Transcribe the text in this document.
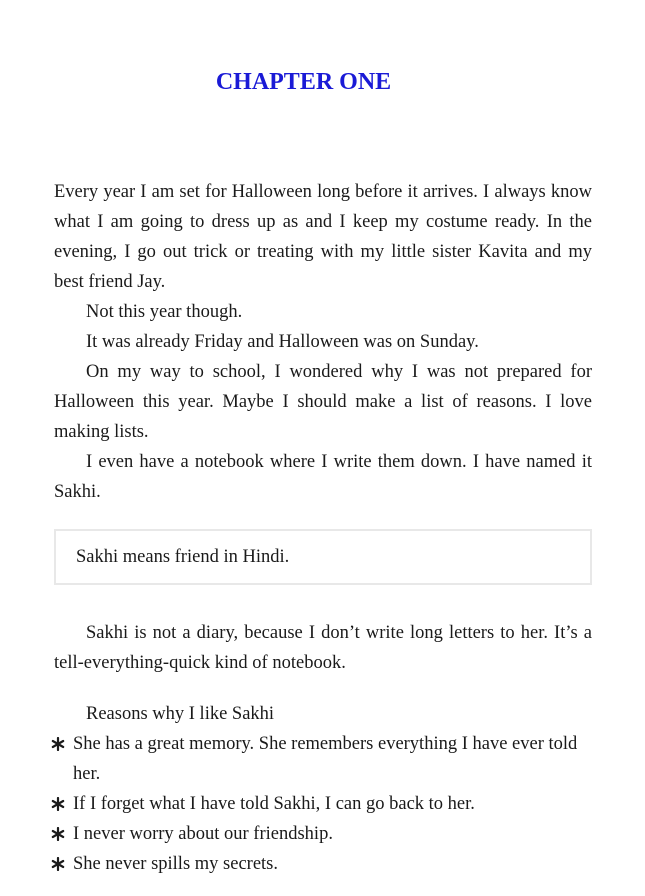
CHAPTER ONE

Every year I am set for Halloween long before it arrives. I always know what I am going to dress up as and I keep my costume ready. In the evening, I go out trick or treating with my little sister Kavita and my best friend Jay.

Not this year though.

It was already Friday and Halloween was on Sunday.

On my way to school, I wondered why I was not prepared for Halloween this year. Maybe I should make a list of reasons. I love making lists.

I even have a notebook where I write them down. I have named it Sakhi.

Sakhi means friend in Hindi.

Sakhi is not a diary, because I don’t write long letters to her. It’s a tell-everything-quick kind of notebook.

Reasons why I like Sakhi

She has a great memory. She remembers everything I have ever told her.
If I forget what I have told Sakhi, I can go back to her.
I never worry about our friendship.
She never spills my secrets.
